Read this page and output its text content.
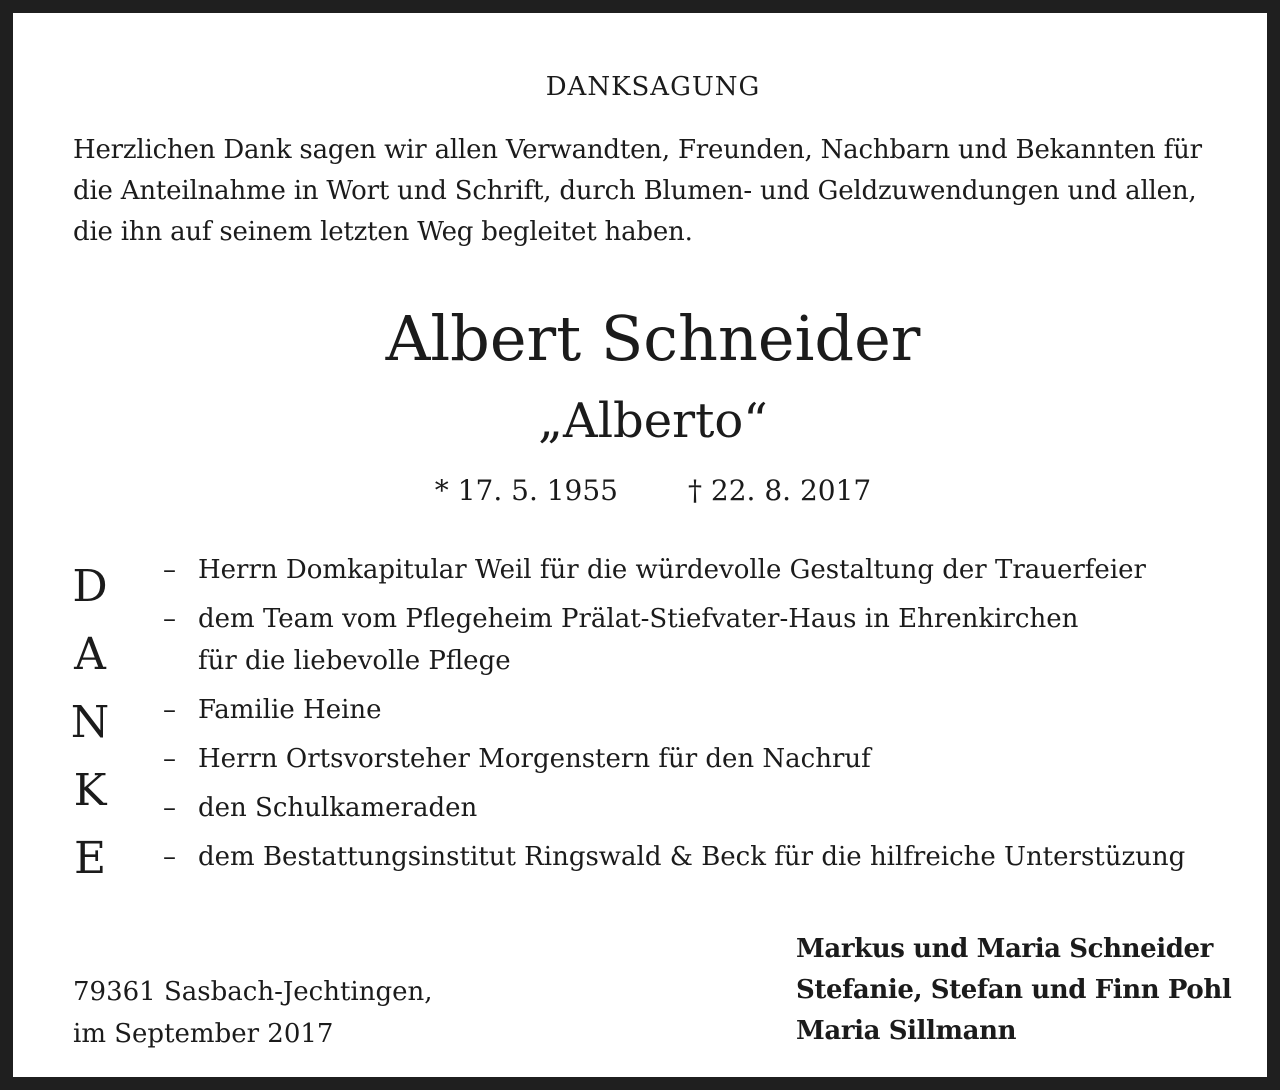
DANKSAGUNG
Herzlichen Dank sagen wir allen Verwandten, Freunden, Nachbarn und Bekannten für die Anteilnahme in Wort und Schrift, durch Blumen- und Geldzuwendungen und allen, die ihn auf seinem letzten Weg begleitet haben.
Albert Schneider
„Alberto“
* 17. 5. 1955	† 22. 8. 2017
D
A
N
K
E
– Herrn Domkapitular Weil für die würdevolle Gestaltung der Trauerfeier
– dem Team vom Pflegeheim Prälat-Stiefvater-Haus in Ehrenkirchen
für die liebevolle Pflege
– Familie Heine
– Herrn Ortsvorsteher Morgenstern für den Nachruf
– den Schulkameraden
– dem Bestattungsinstitut Ringswald & Beck für die hilfreiche Unterstüzung
79361 Sasbach-Jechtingen,
im September 2017
Markus und Maria Schneider
Stefanie, Stefan und Finn Pohl
Maria Sillmann
